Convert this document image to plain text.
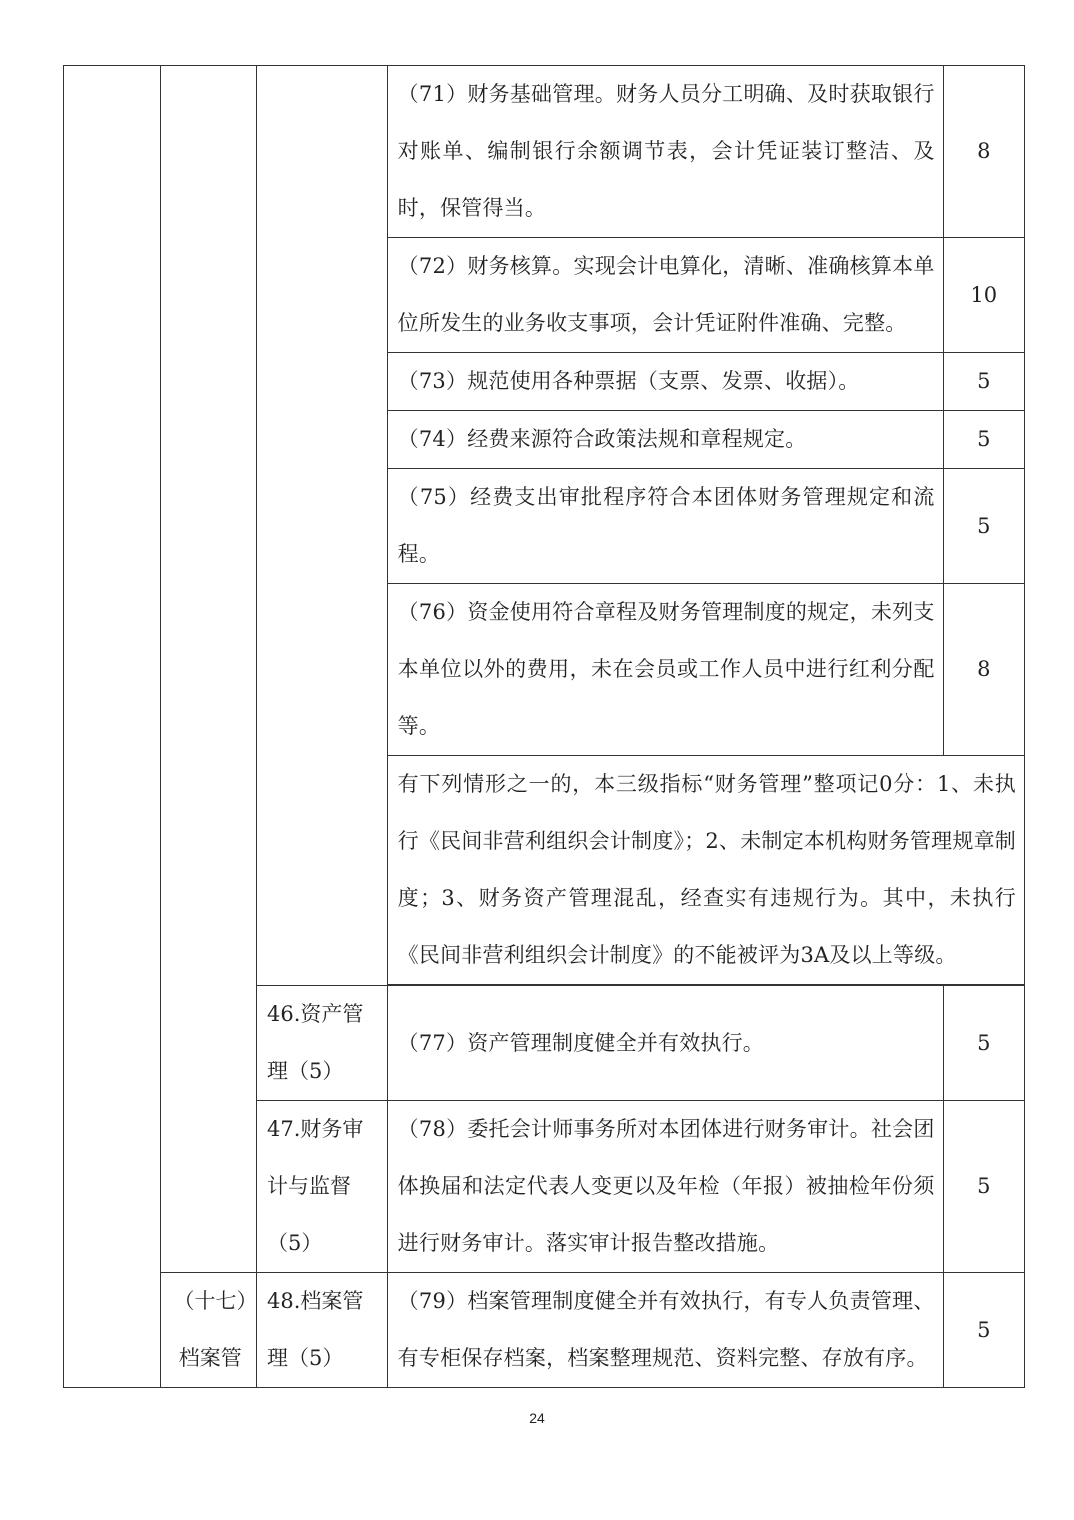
			（71）财务基础管理。财务人员分工明确、及时获取银行对账单、编制银行余额调节表，会计凭证装订整洁、及时，保管得当。	8
			（72）财务核算。实现会计电算化，清晰、准确核算本单位所发生的业务收支事项，会计凭证附件准确、完整。	10
			（73）规范使用各种票据（支票、发票、收据）。	5
			（74）经费来源符合政策法规和章程规定。	5
			（75）经费支出审批程序符合本团体财务管理规定和流程。	5
			（76）资金使用符合章程及财务管理制度的规定，未列支本单位以外的费用，未在会员或工作人员中进行红利分配等。	8
			有下列情形之一的，本三级指标“财务管理”整项记0分：1、未执行《民间非营利组织会计制度》；2、未制定本机构财务管理规章制度；3、财务资产管理混乱，经查实有违规行为。其中，未执行《民间非营利组织会计制度》的不能被评为3A及以上等级。	

		46.资产管理（5）	（77）资产管理制度健全并有效执行。	5
		47.财务审计与监督（5）	（78）委托会计师事务所对本团体进行财务审计。社会团体换届和法定代表人变更以及年检（年报）被抽检年份须进行财务审计。落实审计报告整改措施。	5
	（十七）档案管	48.档案管理（5）	（79）档案管理制度健全并有效执行，有专人负责管理、有专柜保存档案，档案整理规范、资料完整、存放有序。	5
24
